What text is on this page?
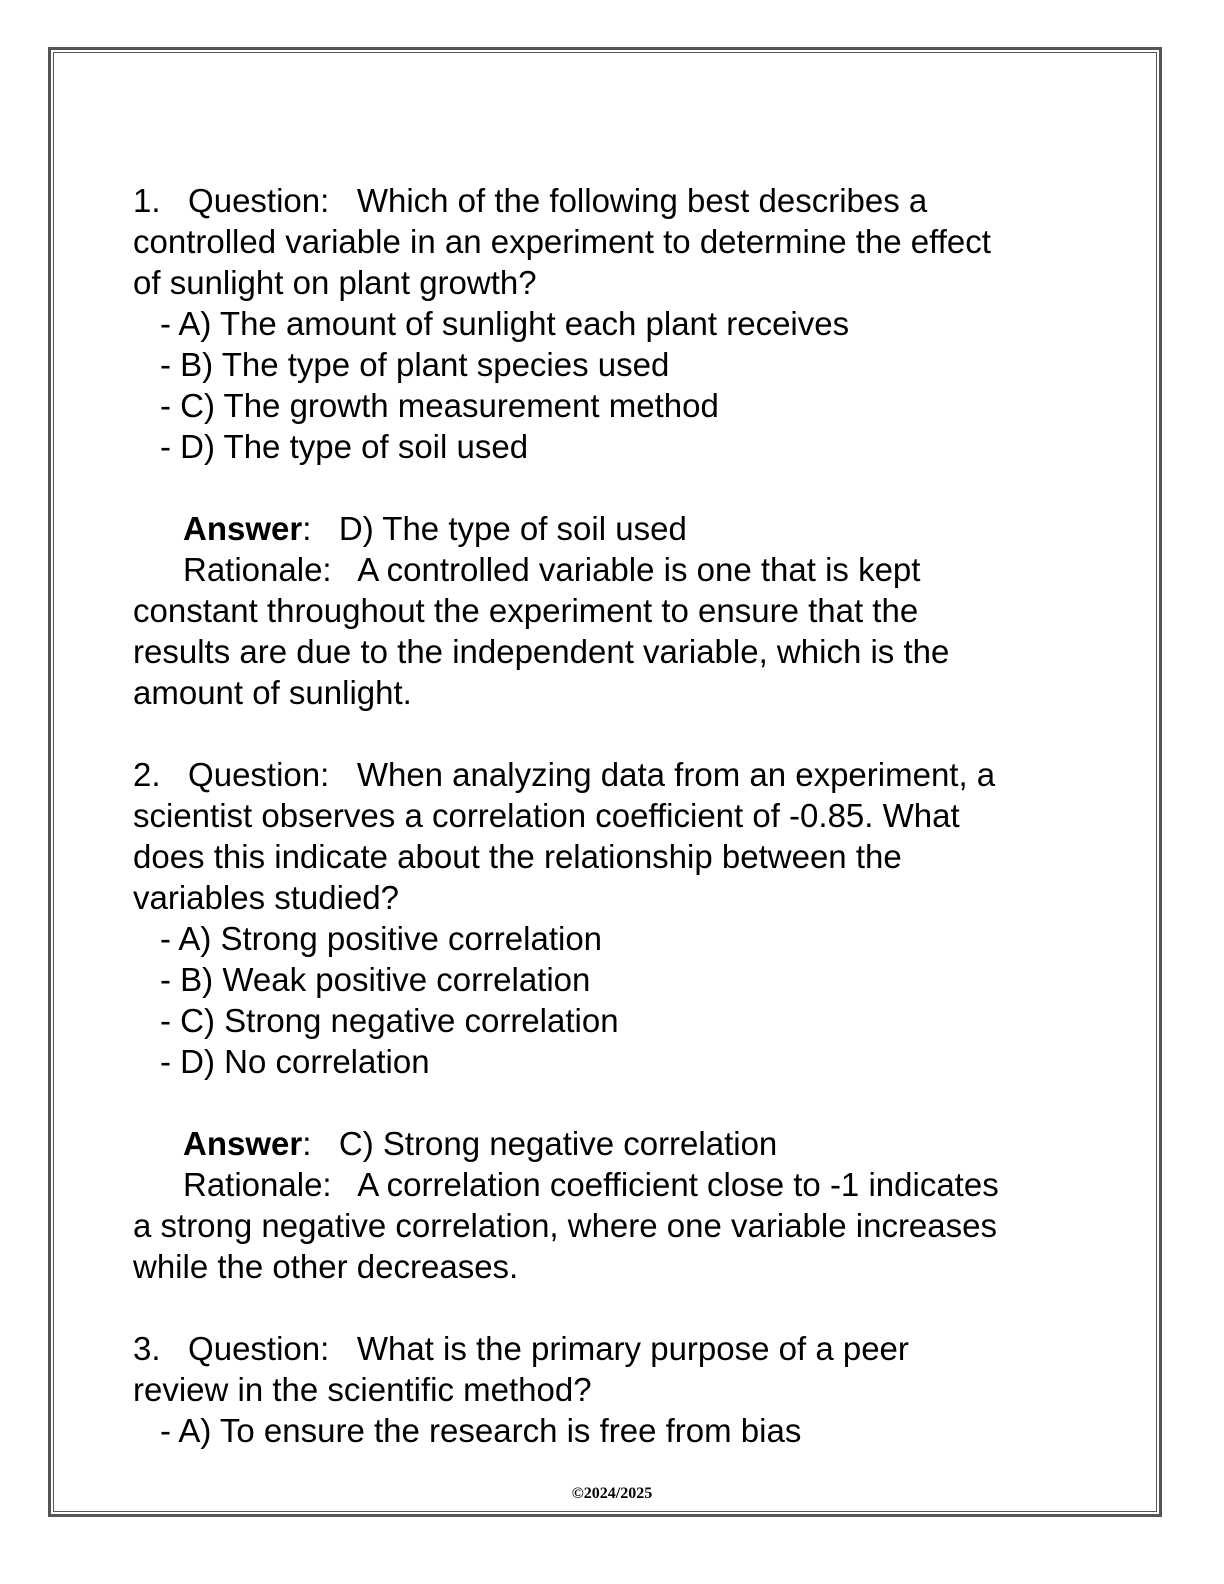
1. Question: Which of the following best describes a
controlled variable in an experiment to determine the effect
of sunlight on plant growth?
- A) The amount of sunlight each plant receives
- B) The type of plant species used
- C) The growth measurement method
- D) The type of soil used
Answer:   D) The type of soil used
Rationale: A controlled variable is one that is kept
constant throughout the experiment to ensure that the
results are due to the independent variable, which is the
amount of sunlight.
2. Question: When analyzing data from an experiment, a
scientist observes a correlation coefficient of -0.85. What
does this indicate about the relationship between the
variables studied?
- A) Strong positive correlation
- B) Weak positive correlation
- C) Strong negative correlation
- D) No correlation
Answer:   C) Strong negative correlation
Rationale: A correlation coefficient close to -1 indicates
a strong negative correlation, where one variable increases
while the other decreases.
3. Question: What is the primary purpose of a peer
review in the scientific method?
- A) To ensure the research is free from bias
©2024/2025
